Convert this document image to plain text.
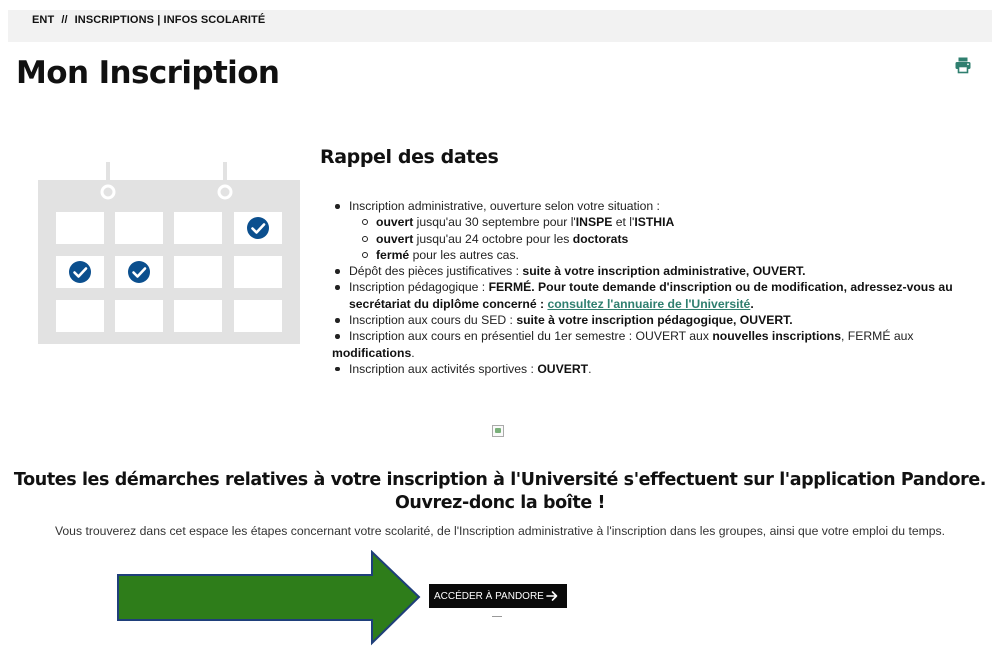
ENT // INSCRIPTIONS | INFOS SCOLARITÉ
Mon Inscription
Rappel des dates
Inscription administrative, ouverture selon votre situation :
ouvert jusqu'au 30 septembre pour l'INSPE et l'ISTHIA
ouvert jusqu'au 24 octobre pour les doctorats
fermé pour les autres cas.
Dépôt des pièces justificatives : suite à votre inscription administrative, OUVERT.
Inscription pédagogique : FERMÉ. Pour toute demande d'inscription ou de modification, adressez-vous au secrétariat du diplôme concerné : consultez l'annuaire de l'Université.
Inscription aux cours du SED : suite à votre inscription pédagogique, OUVERT.
Inscription aux cours en présentiel du 1er semestre : OUVERT aux nouvelles inscriptions, FERMÉ aux
modifications.
Inscription aux activités sportives : OUVERT.
Toutes les démarches relatives à votre inscription à l'Université s'effectuent sur l'application Pandore.
Ouvrez-donc la boîte !

Vous trouverez dans cet espace les étapes concernant votre scolarité, de l'Inscription administrative à l'inscription dans les groupes, ainsi que votre emploi du temps.

ACCÉDER À PANDORE
